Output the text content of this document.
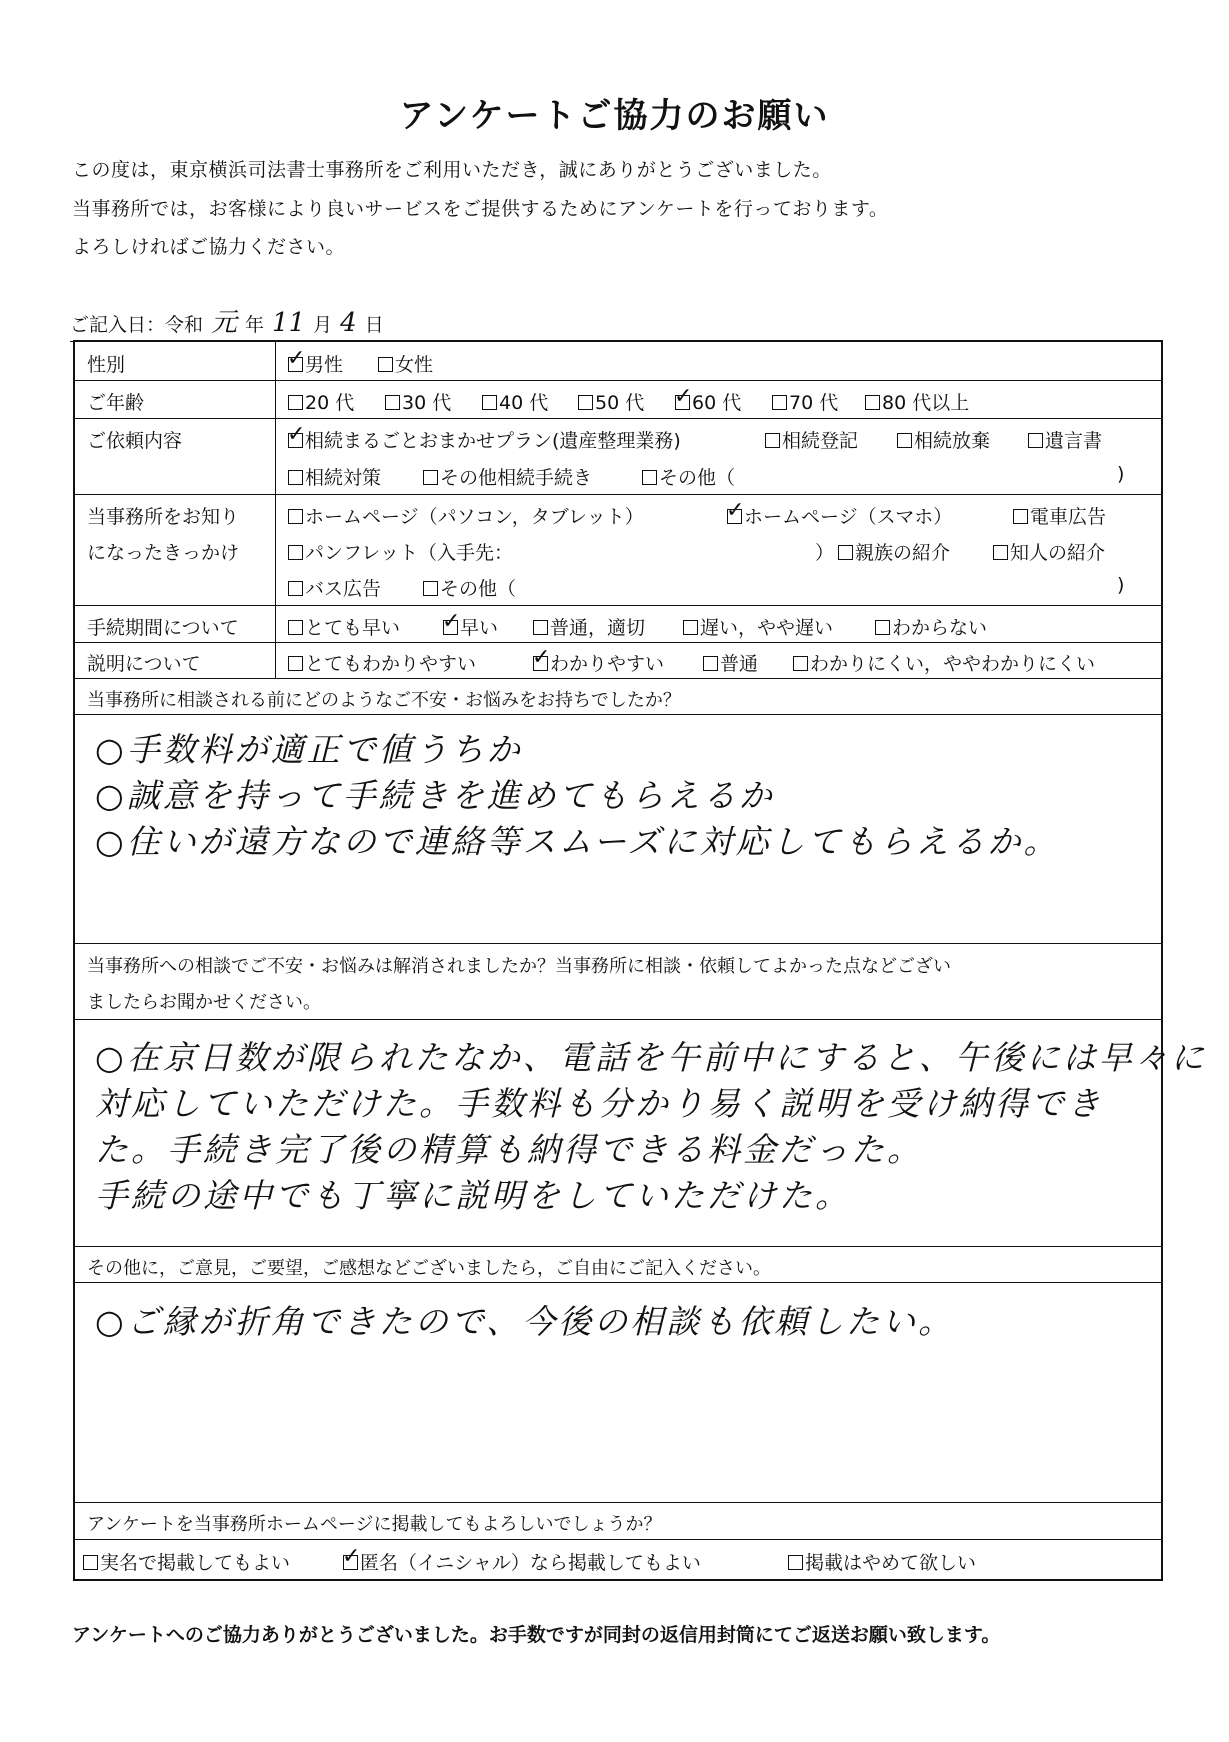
アンケートご協力のお願い
この度は，東京横浜司法書士事務所をご利用いただき，誠にありがとうございました。
当事務所では，お客様により良いサービスをご提供するためにアンケートを行っております。
よろしければご協力ください。
ご記入日：令和 元 年 11 月 4 日
性別 ✓	男性	女性
ご年齢	20 代	30 代	40 代	50 代 ✓	60 代	70 代	80 代以上
ご依頼内容 ✓	相続まるごとおまかせプラン(遺産整理業務)	相続登記	相続放棄	遺言書
相続対策	その他相続手続き	その他（	)
当事務所をお知り
になったきっかけ
ホームページ（パソコン，タブレット） ✓	ホームページ（スマホ）	電車広告
パンフレット（入手先：	）	親族の紹介	知人の紹介
バス広告	その他（	)
手続期間について	とても早い ✓	早い	普通，適切	遅い，やや遅い	わからない
説明について	とてもわかりやすい ✓	わかりやすい	普通	わかりにくい，ややわかりにくい
当事務所に相談される前にどのようなご不安・お悩みをお持ちでしたか？
○手数料が適正で値うちか
○誠意を持って手続きを進めてもらえるか
○住いが遠方なので連絡等スムーズに対応してもらえるか。
当事務所への相談でご不安・お悩みは解消されましたか？当事務所に相談・依頼してよかった点などござい
ましたらお聞かせください。
○在京日数が限られたなか、電話を午前中にすると、午後には早々に
対応していただけた。手数料も分かり易く説明を受け納得でき
た。手続き完了後の精算も納得できる料金だった。
手続の途中でも丁寧に説明をしていただけた。
その他に，ご意見，ご要望，ご感想などございましたら，ご自由にご記入ください。
○ご縁が折角できたので、今後の相談も依頼したい。
アンケートを当事務所ホームページに掲載してもよろしいでしょうか？
実名で掲載してもよい ✓	匿名（イニシャル）なら掲載してもよい	掲載はやめて欲しい
アンケートへのご協力ありがとうございました。お手数ですが同封の返信用封筒にてご返送お願い致します。
